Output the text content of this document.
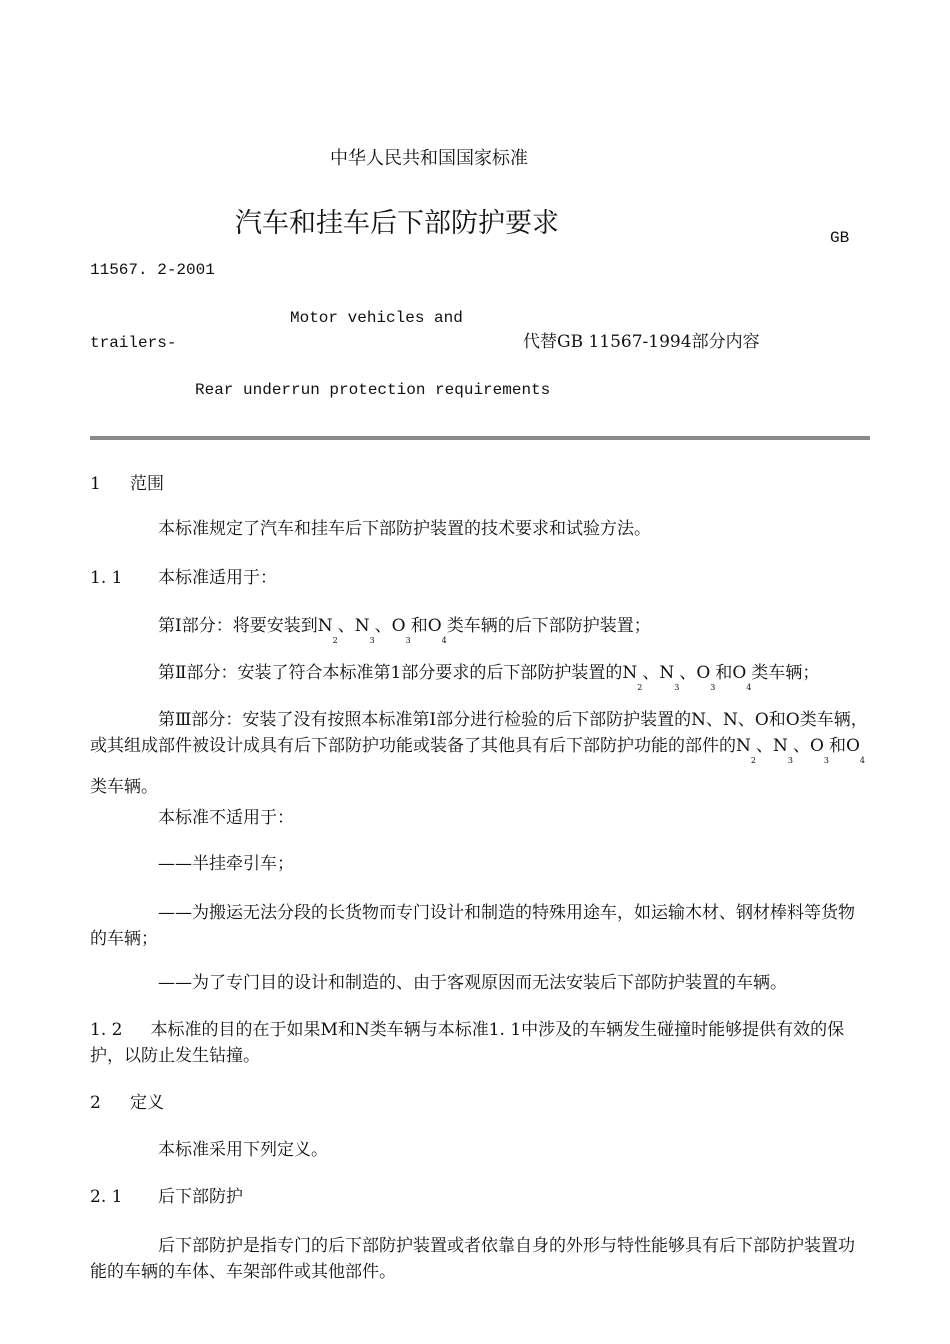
中华人民共和国国家标准
汽车和挂车后下部防护要求	GB
11567. 2-2001
Motor vehicles and
trailers-	代替GB 11567-1994部分内容
Rear underrun protection requirements
1 范围
本标准规定了汽车和挂车后下部防护装置的技术要求和试验方法。
1. 1 本标准适用于：
第Ⅰ部分：将要安装到$N_2$、$N_3$、$O_3$和$O_4$类车辆的后下部防护装置；
第Ⅱ部分：安装了符合本标准第1部分要求的后下部防护装置的$N_2$、$N_3$、$O_3$和$O_4$类车辆；
第Ⅲ部分：安装了没有按照本标准第Ⅰ部分进行检验的后下部防护装置的N、N、O和O类车辆，或其组成部件被设计成具有后下部防护功能或装备了其他具有后下部防护功能的部件的$N_2$、$N_3$、$O_3$和$O_4$类车辆。
本标准不适用于：
——半挂牵引车；
——为搬运无法分段的长货物而专门设计和制造的特殊用途车，如运输木材、钢材棒料等货物的车辆；
——为了专门目的设计和制造的、由于客观原因而无法安装后下部防护装置的车辆。
1. 2 本标准的目的在于如果M和N类车辆与本标准1. 1中涉及的车辆发生碰撞时能够提供有效的保护，以防止发生钻撞。
2 定义
本标准采用下列定义。
2. 1 后下部防护
后下部防护是指专门的后下部防护装置或者依靠自身的外形与特性能够具有后下部防护装置功能的车辆的车体、车架部件或其他部件。
